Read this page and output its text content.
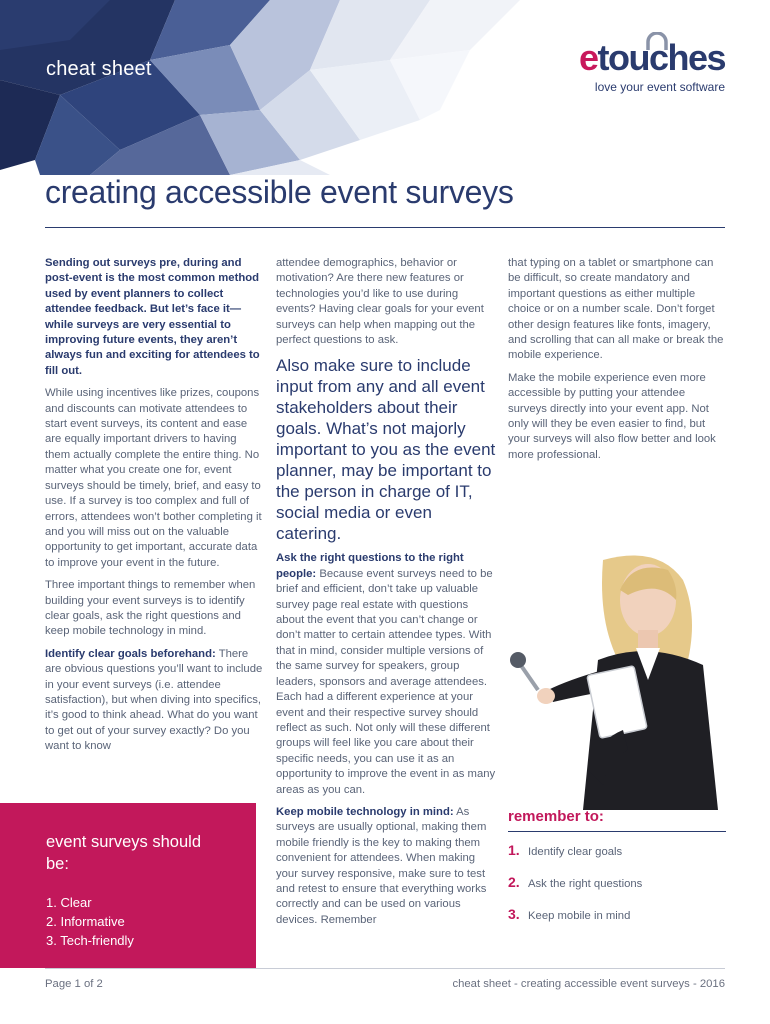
cheat sheet	etouches
love your event software
creating accessible event surveys

Sending out surveys pre, during and post-event is the most common method used by event planners to collect attendee feedback. But let’s face it—while surveys are very essential to improving future events, they aren’t always fun and exciting for attendees to fill out.

While using incentives like prizes, coupons and discounts can motivate attendees to start event surveys, its content and ease are equally important drivers to having them actually complete the entire thing. No matter what you create one for, event surveys should be timely, brief, and easy to use. If a survey is too complex and full of errors, attendees won’t bother completing it and you will miss out on the valuable opportunity to get important, accurate data to improve your event in the future.

Three important things to remember when building your event surveys is to identify clear goals, ask the right questions and keep mobile technology in mind.

Identify clear goals beforehand: There are obvious questions you’ll want to include in your event surveys (i.e. attendee satisfaction), but when diving into specifics, it’s good to think ahead. What do you want to get out of your survey exactly? Do you want to know

attendee demographics, behavior or motivation? Are there new features or technologies you’d like to use during events? Having clear goals for your event surveys can help when mapping out the perfect questions to ask.

Also make sure to include input from any and all event stakeholders about their goals. What’s not majorly important to you as the event planner, may be important to the person in charge of IT, social media or even catering.

Ask the right questions to the right people: Because event surveys need to be brief and efficient, don’t take up valuable survey page real estate with questions about the event that you can’t change or don’t matter to certain attendee types. With that in mind, consider multiple versions of the same survey for speakers, group leaders, sponsors and average attendees. Each had a different experience at your event and their respective survey should reflect as such. Not only will these different groups will feel like you care about their specific needs, you can use it as an opportunity to improve the event in as many areas as you can.

Keep mobile technology in mind: As surveys are usually optional, making them mobile friendly is the key to making them convenient for attendees. When making your survey responsive, make sure to test and retest to ensure that everything works correctly and can be used on various devices. Remember

that typing on a tablet or smartphone can be difficult, so create mandatory and important questions as either multiple choice or on a number scale. Don’t forget other design features like fonts, imagery, and scrolling that can all make or break the mobile experience.

Make the mobile experience even more accessible by putting your attendee surveys directly into your event app. Not only will they be even easier to find, but your surveys will also flow better and look more professional.

event surveys should be:
1. Clear
2. Informative
3. Tech-friendly
remember to:
1. Identify clear goals
2. Ask the right questions
3. Keep mobile in mind
Page 1 of 2	cheat sheet - creating accessible event surveys - 2016
